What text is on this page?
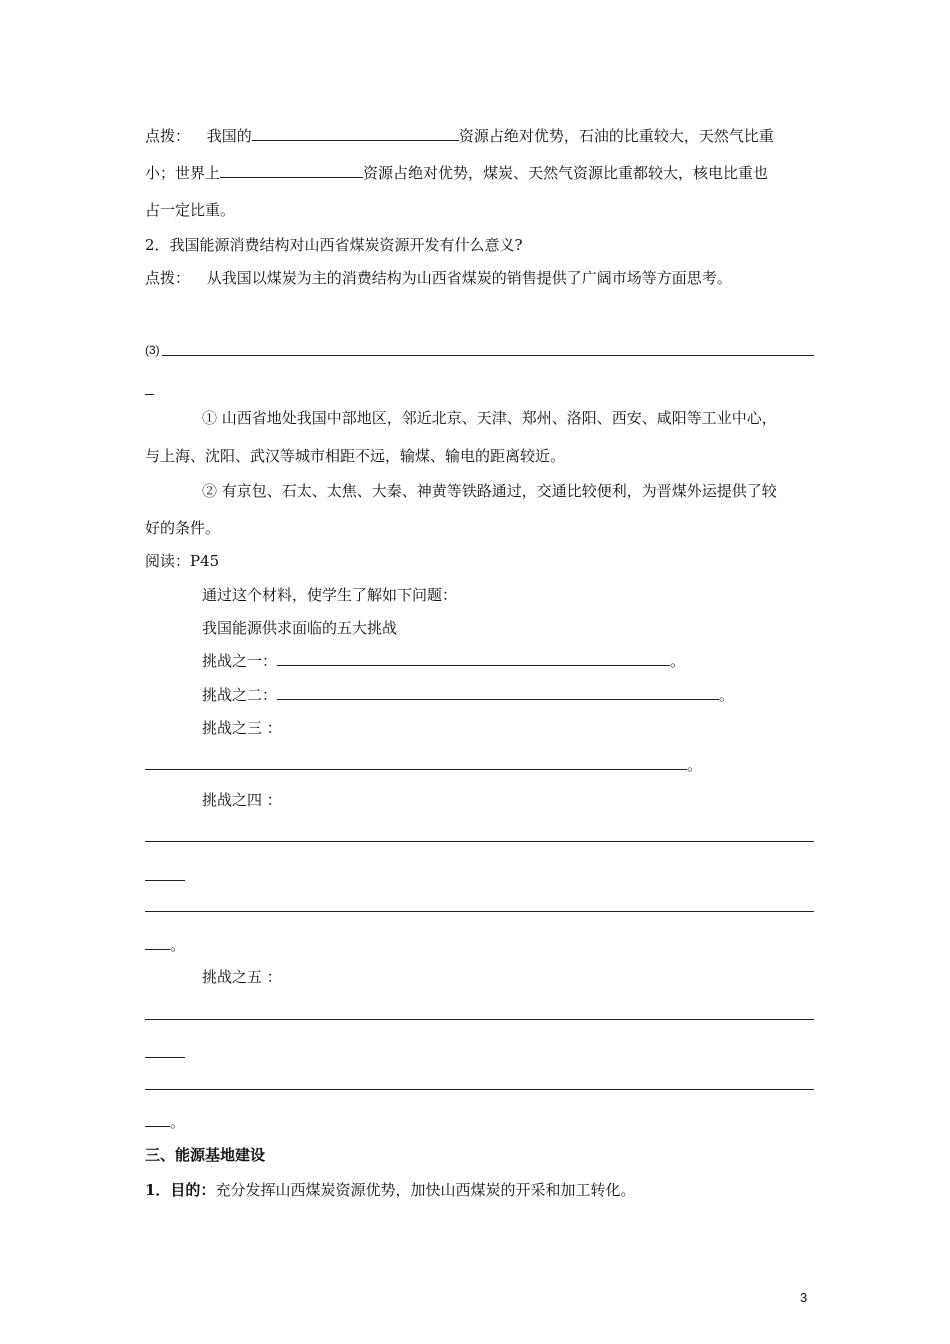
点拨： 我国的	资源占绝对优势，石油的比重较大，天然气比重
小；世界上	资源占绝对优势，煤炭、天然气资源比重都较大，核电比重也
占一定比重。
2．我国能源消费结构对山西省煤炭资源开发有什么意义?
点拨： 从我国以煤炭为主的消费结构为山西省煤炭的销售提供了广阔市场等方面思考。
(3)
① 山西省地处我国中部地区，邻近北京、天津、郑州、洛阳、西安、咸阳等工业中心，
与上海、沈阳、武汉等城市相距不远，输煤、输电的距离较近。
② 有京包、石太、太焦、大秦、神黄等铁路通过，交通比较便利，为晋煤外运提供了较
好的条件。
阅读：P45
通过这个材料，使学生了解如下问题：
我国能源供求面临的五大挑战
挑战之一：	。
挑战之二：	。
挑战之三 ：
。
挑战之四 ：
。
挑战之五 ：
。
三、能源基地建设
1．目的：充分发挥山西煤炭资源优势，加快山西煤炭的开采和加工转化。
3
